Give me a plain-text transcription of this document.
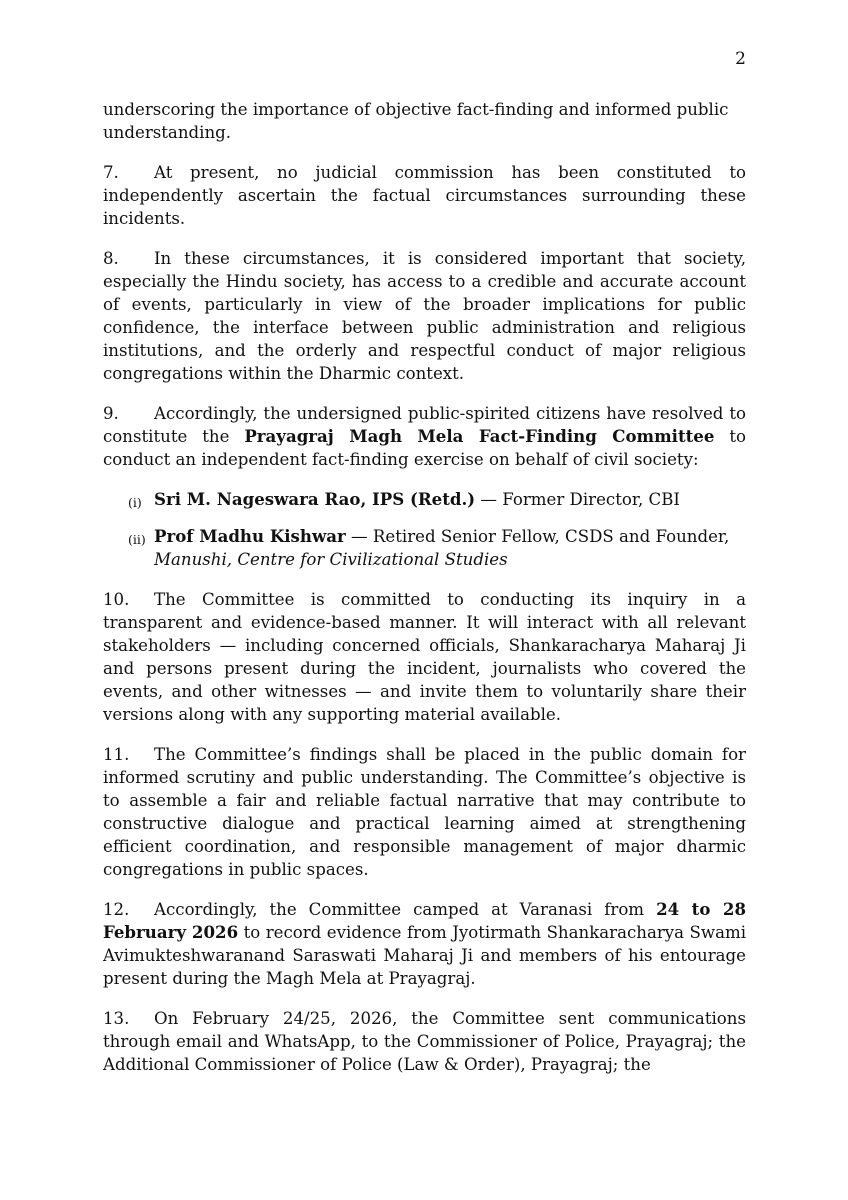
2

underscoring the importance of objective fact-finding and informed public understanding.

7. At present, no judicial commission has been constituted to independently ascertain the factual circumstances surrounding these incidents.

8. In these circumstances, it is considered important that society, especially the Hindu society, has access to a credible and accurate account of events, particularly in view of the broader implications for public confidence, the interface between public administration and religious institutions, and the orderly and respectful conduct of major religious congregations within the Dharmic context.

9. Accordingly, the undersigned public-spirited citizens have resolved to constitute the Prayagraj Magh Mela Fact-Finding Committee to conduct an independent fact-finding exercise on behalf of civil society:

(i) Sri M. Nageswara Rao, IPS (Retd.) — Former Director, CBI
(ii) Prof Madhu Kishwar — Retired Senior Fellow, CSDS and Founder,
Manushi, Centre for Civilizational Studies

10. The Committee is committed to conducting its inquiry in a transparent and evidence-based manner. It will interact with all relevant stakeholders — including concerned officials, Shankaracharya Maharaj Ji and persons present during the incident, journalists who covered the events, and other witnesses — and invite them to voluntarily share their versions along with any supporting material available.

11. The Committee’s findings shall be placed in the public domain for informed scrutiny and public understanding. The Committee’s objective is to assemble a fair and reliable factual narrative that may contribute to constructive dialogue and practical learning aimed at strengthening efficient coordination, and responsible management of major dharmic congregations in public spaces.

12. Accordingly, the Committee camped at Varanasi from 24 to 28 February 2026 to record evidence from Jyotirmath Shankaracharya Swami Avimukteshwaranand Saraswati Maharaj Ji and members of his entourage present during the Magh Mela at Prayagraj.

13. On February 24/25, 2026, the Committee sent communications through email and WhatsApp, to the Commissioner of Police, Prayagraj; the Additional Commissioner of Police (Law & Order), Prayagraj; the
